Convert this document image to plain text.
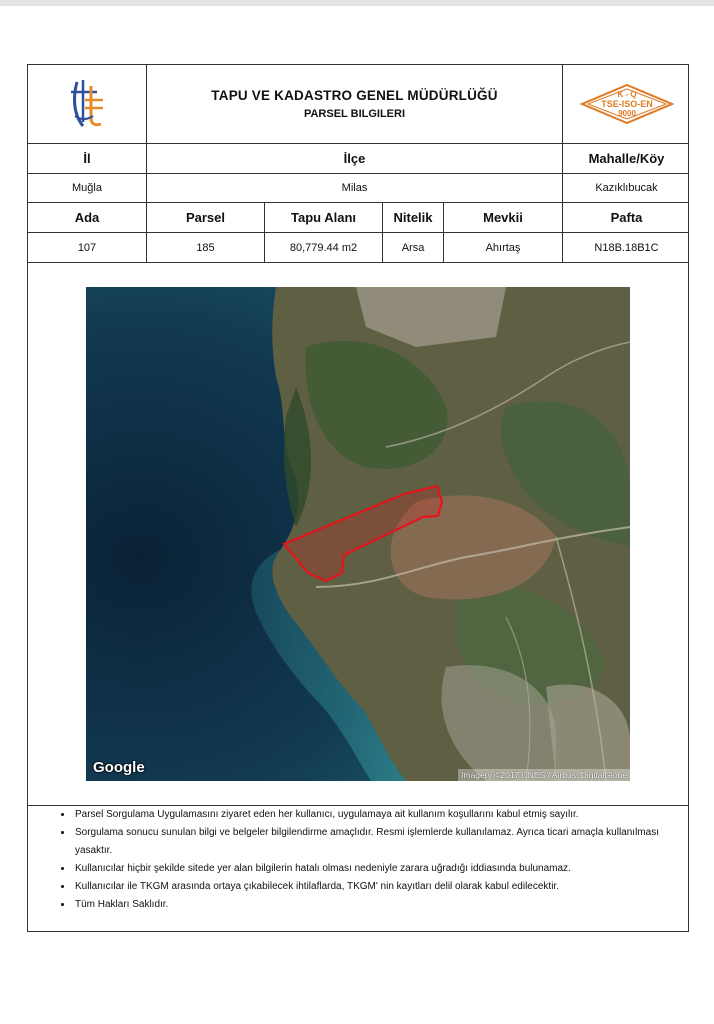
TAPU VE KADASTRO GENEL MÜDÜRLÜĞÜ
PARSEL BILGILERI
K - Q
TSE-ISO-EN
9000
İl	İlçe	Mahalle/Köy
Muğla	Milas	Kazıklıbucak
Ada	Parsel	Tapu Alanı	Nitelik	Mevkii	Pafta
107	185	80,779.44 m2	Arsa	Ahırtaş	N18B.18B1C
Google	Imagery ©2017 CNES / Airbus, DigitalGlobe
• Parsel Sorgulama Uygulamasını ziyaret eden her kullanıcı, uygulamaya ait kullanım koşullarını kabul etmiş sayılır.
• Sorgulama sonucu sunulan bilgi ve belgeler bilgilendirme amaçlıdır. Resmi işlemlerde kullanılamaz. Ayrıca ticari amaçla kullanılması yasaktır.
• Kullanıcılar hiçbir şekilde sitede yer alan bilgilerin hatalı olması nedeniyle zarara uğradığı iddiasında bulunamaz.
• Kullanıcılar ile TKGM arasında ortaya çıkabilecek ihtilaflarda, TKGM' nin kayıtları delil olarak kabul edilecektir.
• Tüm Hakları Saklıdır.
